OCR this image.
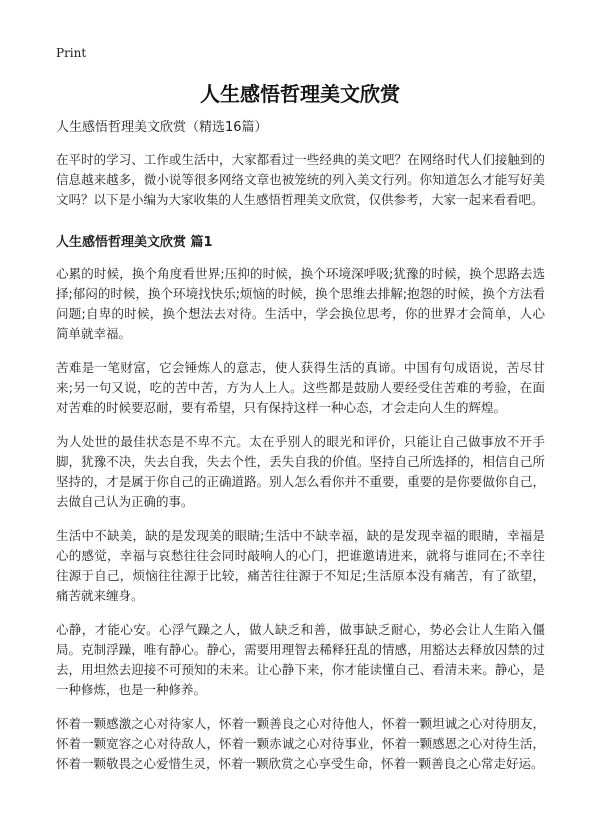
Print
人生感悟哲理美文欣赏
人生感悟哲理美文欣赏（精选16篇）

在平时的学习、工作或生活中，大家都看过一些经典的美文吧？在网络时代人们接触到的信息越来越多，微小说等很多网络文章也被笼统的列入美文行列。你知道怎么才能写好美文吗？以下是小编为大家收集的人生感悟哲理美文欣赏，仅供参考，大家一起来看看吧。

人生感悟哲理美文欣赏 篇1

心累的时候，换个角度看世界;压抑的时候，换个环境深呼吸;犹豫的时候，换个思路去选择;郁闷的时候，换个环境找快乐;烦恼的时候，换个思维去排解;抱怨的时候，换个方法看问题;自卑的时候，换个想法去对待。生活中，学会换位思考，你的世界才会简单，人心简单就幸福。

苦难是一笔财富，它会锤炼人的意志，使人获得生活的真谛。中国有句成语说，苦尽甘来;另一句又说，吃的苦中苦，方为人上人。这些都是鼓励人要经受住苦难的考验，在面对苦难的时候要忍耐，要有希望，只有保持这样一种心态，才会走向人生的辉煌。

为人处世的最佳状态是不卑不亢。太在乎别人的眼光和评价，只能让自己做事放不开手脚，犹豫不决，失去自我，失去个性，丢失自我的价值。坚持自己所选择的，相信自己所坚持的，才是属于你自己的正确道路。别人怎么看你并不重要，重要的是你要做你自己，去做自己认为正确的事。

生活中不缺美，缺的是发现美的眼睛;生活中不缺幸福，缺的是发现幸福的眼睛，幸福是心的感觉，幸福与哀愁往往会同时敲响人的心门，把谁邀请进来，就将与谁同在;不幸往往源于自己，烦恼往往源于比较，痛苦往往源于不知足;生活原本没有痛苦，有了欲望，痛苦就来缠身。

心静，才能心安。心浮气躁之人，做人缺乏和善，做事缺乏耐心，势必会让人生陷入僵局。克制浮躁，唯有静心。静心，需要用理智去稀释狂乱的情感，用豁达去释放囚禁的过去，用坦然去迎接不可预知的未来。让心静下来，你才能读懂自己、看清未来。静心，是一种修炼，也是一种修养。

怀着一颗感激之心对待家人，怀着一颗善良之心对待他人，怀着一颗坦诚之心对待朋友，怀着一颗宽容之心对待敌人，怀着一颗赤诚之心对待事业，怀着一颗感恩之心对待生活，怀着一颗敬畏之心爱惜生灵，怀着一颗欣赏之心享受生命，怀着一颗善良之心常走好运。
